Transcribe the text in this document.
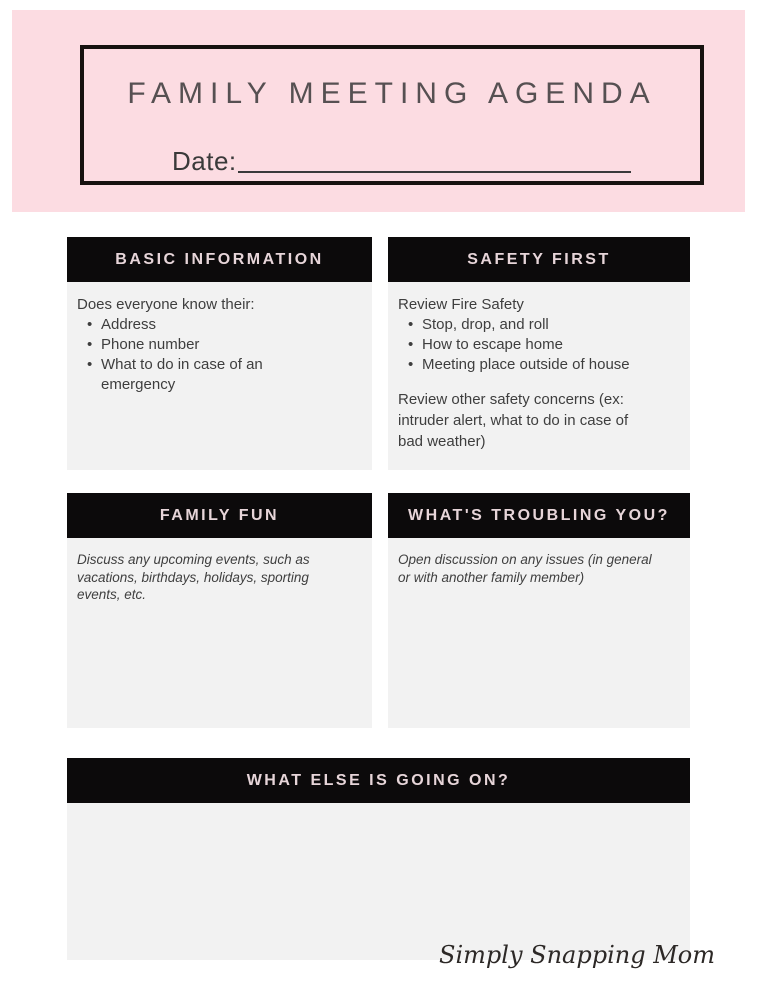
FAMILY MEETING AGENDA
Date:
BASIC INFORMATION

Does everyone know their:

• Address
• Phone number
• What to do in case of an emergency
SAFETY FIRST

Review Fire Safety

• Stop, drop, and roll
• How to escape home
• Meeting place outside of house
Review other safety concerns (ex:
intruder alert, what to do in case of
bad weather)
FAMILY FUN
Discuss any upcoming events, such as
vacations, birthdays, holidays, sporting
events, etc.
WHAT'S TROUBLING YOU?
Open discussion on any issues (in general
or with another family member)
WHAT ELSE IS GOING ON?
Simply Snapping Mom
